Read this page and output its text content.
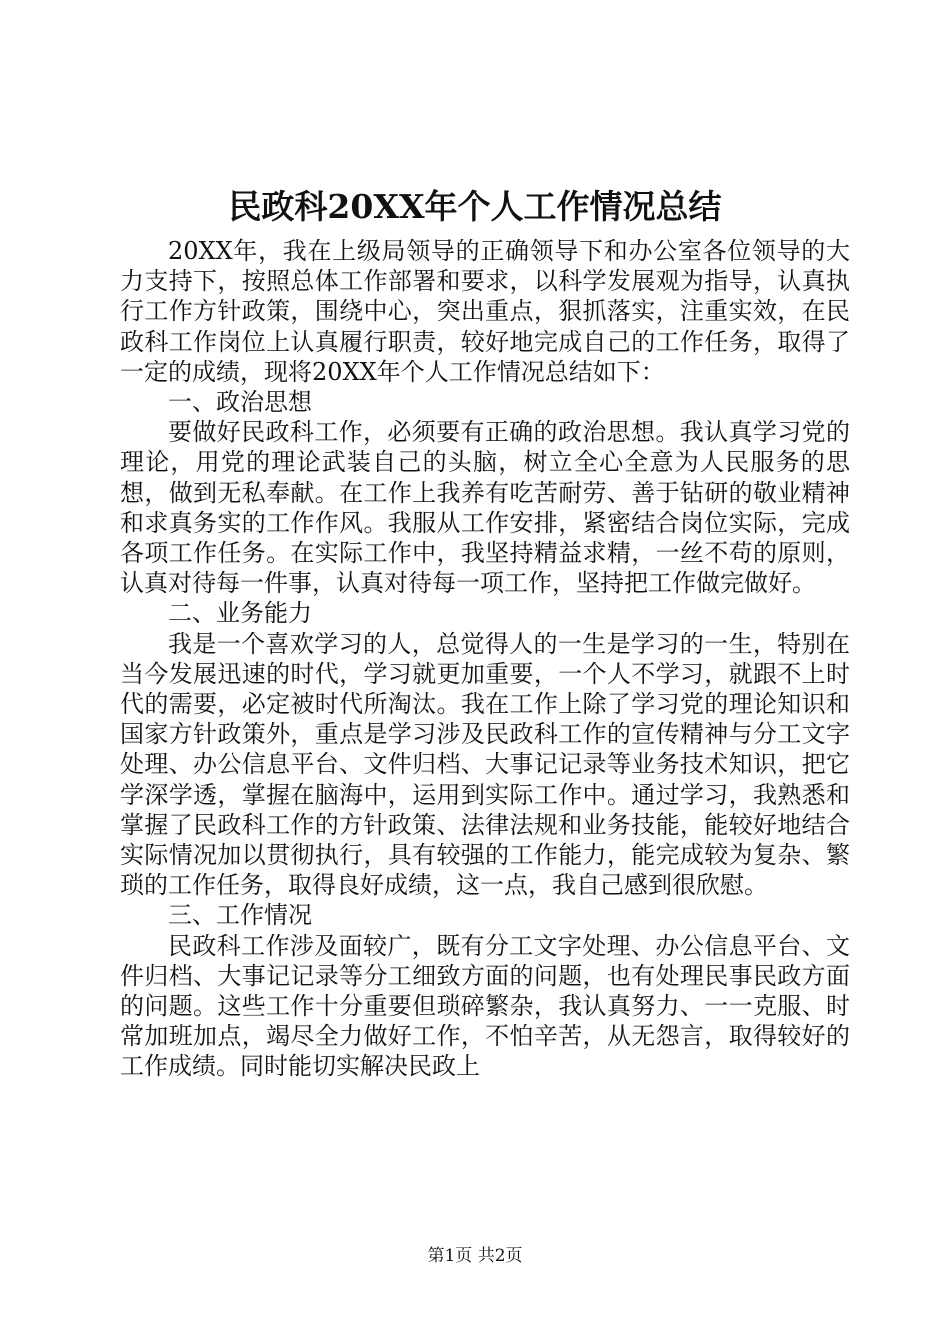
民政科20XX年个人工作情况总结

20XX年，我在上级局领导的正确领导下和办公室各位领导的大力支持下，按照总体工作部署和要求，以科学发展观为指导，认真执行工作方针政策，围绕中心，突出重点，狠抓落实，注重实效，在民政科工作岗位上认真履行职责，较好地完成自己的工作任务，取得了一定的成绩，现将20XX年个人工作情况总结如下：

一、政治思想

要做好民政科工作，必须要有正确的政治思想。我认真学习党的理论，用党的理论武装自己的头脑，树立全心全意为人民服务的思想，做到无私奉献。在工作上我养有吃苦耐劳、善于钻研的敬业精神和求真务实的工作作风。我服从工作安排，紧密结合岗位实际，完成各项工作任务。在实际工作中，我坚持精益求精，一丝不苟的原则，认真对待每一件事，认真对待每一项工作，坚持把工作做完做好。

二、业务能力

我是一个喜欢学习的人，总觉得人的一生是学习的一生，特别在当今发展迅速的时代，学习就更加重要，一个人不学习，就跟不上时代的需要，必定被时代所淘汰。我在工作上除了学习党的理论知识和国家方针政策外，重点是学习涉及民政科工作的宣传精神与分工文字处理、办公信息平台、文件归档、大事记记录等业务技术知识，把它学深学透，掌握在脑海中，运用到实际工作中。通过学习，我熟悉和掌握了民政科工作的方针政策、法律法规和业务技能，能较好地结合实际情况加以贯彻执行，具有较强的工作能力，能完成较为复杂、繁琐的工作任务，取得良好成绩，这一点，我自己感到很欣慰。

三、工作情况

民政科工作涉及面较广，既有分工文字处理、办公信息平台、文件归档、大事记记录等分工细致方面的问题，也有处理民事民政方面的问题。这些工作十分重要但琐碎繁杂，我认真努力、一一克服、时常加班加点，竭尽全力做好工作，不怕辛苦，从无怨言，取得较好的工作成绩。同时能切实解决民政上

第1页 共2页
